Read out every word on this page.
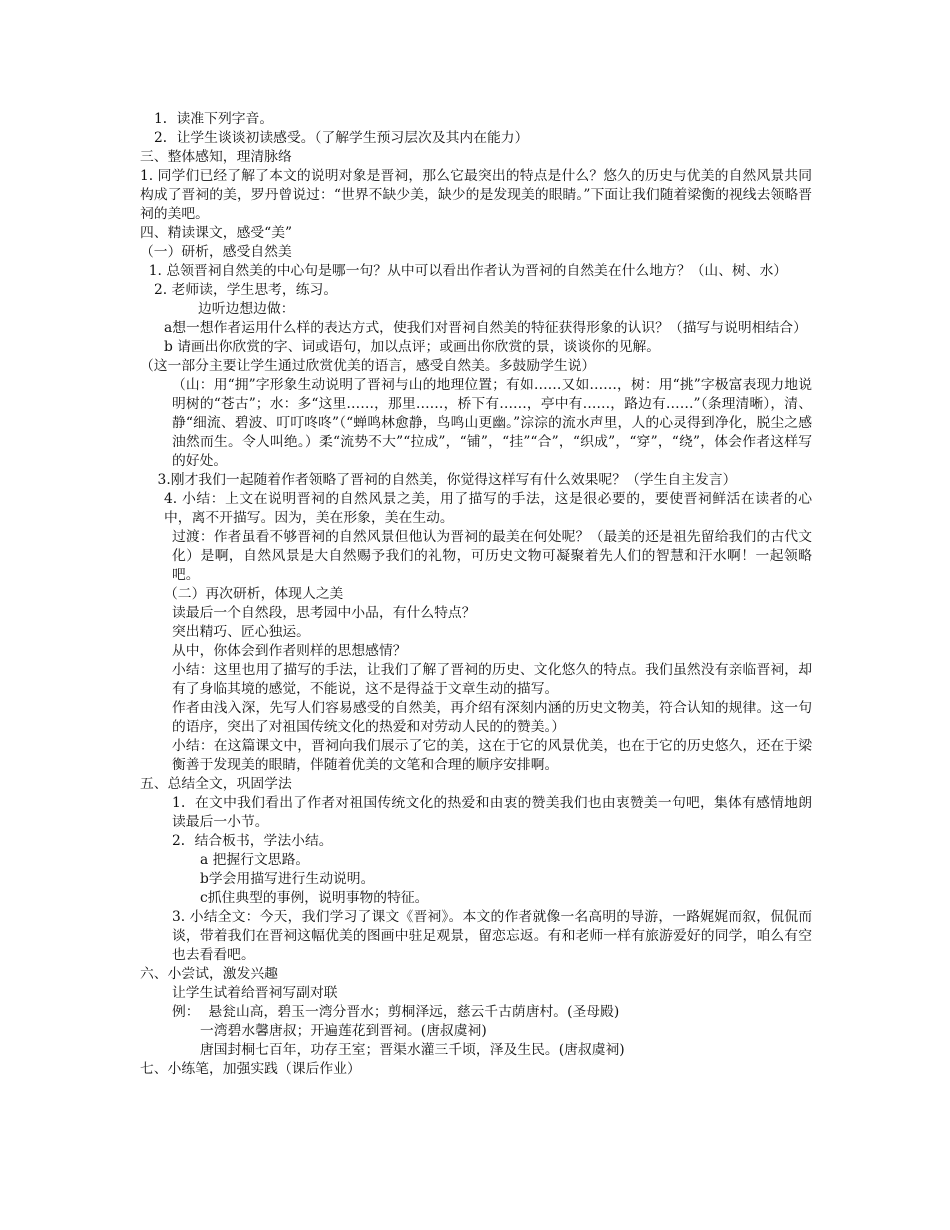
1．读准下列字音。
2．让学生谈谈初读感受。（了解学生预习层次及其内在能力）
三、整体感知，理清脉络
1. 同学们已经了解了本文的说明对象是晋祠，那么它最突出的特点是什么？悠久的历史与优美的自然风景共同构成了晋祠的美，罗丹曾说过：“世界不缺少美，缺少的是发现美的眼睛。”下面让我们随着梁衡的视线去领略晋祠的美吧。
四、精读课文，感受“美”
（一）研析，感受自然美
1. 总领晋祠自然美的中心句是哪一句？从中可以看出作者认为晋祠的自然美在什么地方？（山、树、水）
2. 老师读，学生思考，练习。
边听边想边做：
a想一想作者运用什么样的表达方式，使我们对晋祠自然美的特征获得形象的认识？（描写与说明相结合）
b 请画出你欣赏的字、词或语句，加以点评；或画出你欣赏的景，谈谈你的见解。
（这一部分主要让学生通过欣赏优美的语言，感受自然美。多鼓励学生说）
（山：用“拥”字形象生动说明了晋祠与山的地理位置；有如……又如……，树：用“挑”字极富表现力地说明树的“苍古”；水：多“这里……，那里……，桥下有……，亭中有……，路边有……”（条理清晰），清、静“细流、碧波、叮叮咚咚”（“蝉鸣林愈静，鸟鸣山更幽。”淙淙的流水声里，人的心灵得到净化，脱尘之感油然而生。令人叫绝。）柔“流势不大”“拉成”，“铺”，“挂”“合”，“织成”，“穿”，“绕”，体会作者这样写的好处。
3.刚才我们一起随着作者领略了晋祠的自然美，你觉得这样写有什么效果呢？（学生自主发言）
4. 小结：上文在说明晋祠的自然风景之美，用了描写的手法，这是很必要的，要使晋祠鲜活在读者的心中，离不开描写。因为，美在形象，美在生动。
过渡：作者虽看不够晋祠的自然风景但他认为晋祠的最美在何处呢？（最美的还是祖先留给我们的古代文化）是啊，自然风景是大自然赐予我们的礼物，可历史文物可凝聚着先人们的智慧和汗水啊！一起领略吧。
（二）再次研析，体现人之美
读最后一个自然段，思考园中小品，有什么特点？
突出精巧、匠心独运。
从中，你体会到作者则样的思想感情？
小结：这里也用了描写的手法，让我们了解了晋祠的历史、文化悠久的特点。我们虽然没有亲临晋祠，却有了身临其境的感觉，不能说，这不是得益于文章生动的描写。
作者由浅入深，先写人们容易感受的自然美，再介绍有深刻内涵的历史文物美，符合认知的规律。这一句的语序，突出了对祖国传统文化的热爱和对劳动人民的的赞美。）
小结：在这篇课文中，晋祠向我们展示了它的美，这在于它的风景优美，也在于它的历史悠久，还在于梁衡善于发现美的眼睛，伴随着优美的文笔和合理的顺序安排啊。
五、总结全文，巩固学法
1．在文中我们看出了作者对祖国传统文化的热爱和由衷的赞美我们也由衷赞美一句吧，集体有感情地朗读最后一小节。
2．结合板书，学法小结。
a 把握行文思路。
b学会用描写进行生动说明。
c抓住典型的事例，说明事物的特征。
3. 小结全文：今天，我们学习了课文《晋祠》。本文的作者就像一名高明的导游，一路娓娓而叙，侃侃而谈，带着我们在晋祠这幅优美的图画中驻足观景，留恋忘返。有和老师一样有旅游爱好的同学，咱么有空也去看看吧。
六、小尝试，激发兴趣
让学生试着给晋祠写副对联
例：  悬瓮山高，碧玉一湾分晋水；剪桐泽远，慈云千古荫唐村。(圣母殿)
一湾碧水馨唐叔；开遍莲花到晋祠。(唐叔虞祠)
唐国封桐七百年，功存王室；晋渠水灌三千顷，泽及生民。(唐叔虞祠)
七、小练笔，加强实践（课后作业）
